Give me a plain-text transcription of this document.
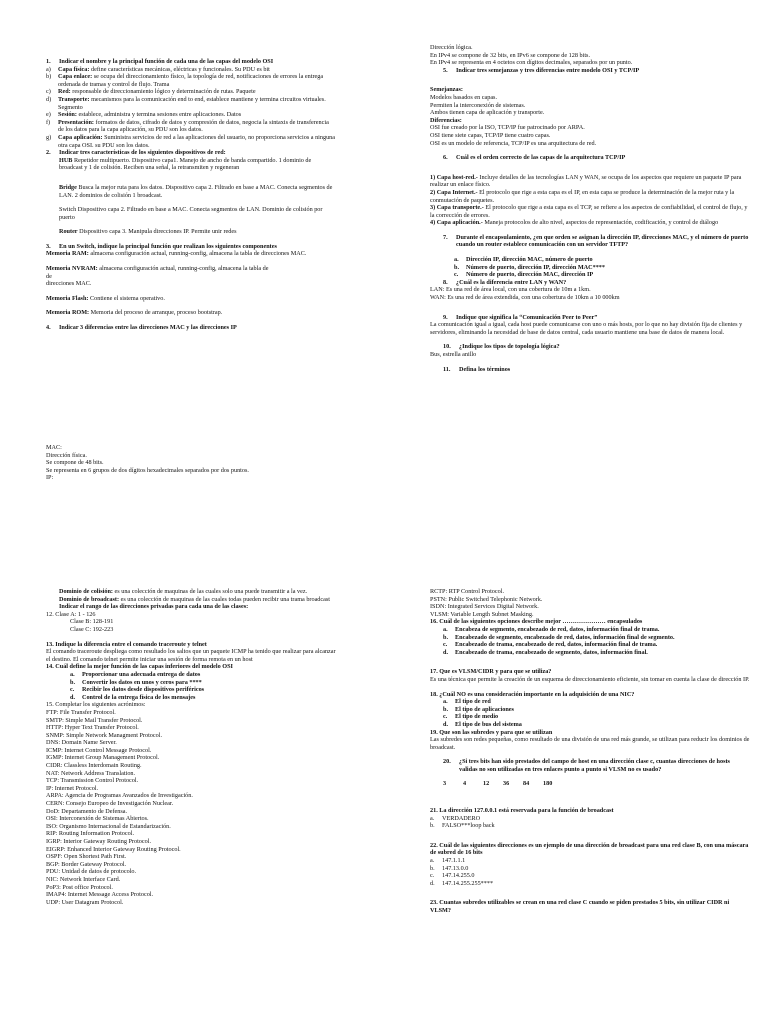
1.	Indicar el nombre y la principal función de cada una de las capas del modelo OSI
a)	Capa física: define características mecánicas, eléctricas y funcionales. Su PDU es bit
b)	Capa enlace: se ocupa del direccionamiento físico, la topología de red, notificaciones de errores la entrega ordenada de tramas y control de flujo. Trama
c)	Red: responsable de direccionamiento lógico y determinación de rutas. Paquete
d)	Transporte: mecanismos para la comunicación end to end, establece mantiene y termina circuitos virtuales. Segmento
e)	Sesión: establece, administra y termina sesiones entre aplicaciones. Datos
f)	Presentación: formatos de datos, cifrado de datos y compresión de datos, negocia la sintaxis de transferencia de los datos para la capa aplicación, su PDU son los datos.
g)	Capa aplicación: Suministra servicios de red a las aplicaciones del usuario, no proporciona servicios a ninguna otra capa OSI. su PDU son los datos.
2.	Indicar tres características de los siguientes dispositivos de red:
HUB Repetidor multipuerto. Dispositivo capa1. Manejo de ancho de banda compartido. 1 dominio de broadcast y 1 de colisión. Reciben una señal, la retransmiten y regeneran
Bridge Busca la mejor ruta para los datos. Dispositivo capa 2. Filtrado en base a MAC. Conecta segmentos de LAN. 2 dominios de colisión 1 broadcast.
Switch Dispositivo capa 2. Filtrado en base a MAC. Conecta segmentos de LAN. Dominio de colisión por puerto
Router Dispositivo capa 3. Manipula direcciones IP. Permite unir redes
3.	En un Switch, indique la principal función que realizan los siguientes componentes
Memoria RAM: almacena configuración actual, running-config, almacena la tabla de direcciones MAC.
Memoria NVRAM: almacena configuración actual, running-config, almacena la tabla de
de
direcciones MAC.
Memoria Flash: Contiene el sistema operativo.
Memoria ROM: Memoria del proceso de arranque, proceso bootstrap.
4.	Indicar 3 diferencias entre las direcciones MAC y las direcciones IP
MAC:
Dirección física.
Se compone de 48 bits.
Se representa en 6 grupos de dos dígitos hexadecimales separados por dos puntos.
IP:
Dirección lógica.
En IPv4 se compone de 32 bits, en IPv6 se compone de 128 bits.
En IPv4 se representa en 4 octetos con dígitos decimales, separados por un punto.
5.	Indicar tres semejanzas y tres diferencias entre modelo OSI y TCP/IP
Semejanzas:
Modelos basados en capas.
Permiten la interconexión de sistemas.
Ambos tienen capa de aplicación y transporte.
Diferencias:
OSI fue creado por la ISO, TCP/IP fue patrocinado por ARPA.
OSI tiene siete capas, TCP/IP tiene cuatro capas.
OSI es un modelo de referencia, TCP/IP es una arquitectura de red.
6.	Cuál es el orden correcto de las capas de la arquitectura TCP/IP
1) Capa host-red.- Incluye detalles de las tecnologías LAN y WAN, se ocupa de los aspectos que requiere un paquete IP para realizar un enlace físico.
2) Capa Internet.- El protocolo que rige a esta capa es el IP, en esta capa se produce la determinación de la mejor ruta y la conmutación de paquetes.
3) Capa transporte.- El protocolo que rige a esta capa es el TCP, se refiere a los aspectos de confiabilidad, el control de flujo, y la corrección de errores.
4) Capa aplicación.- Maneja protocolos de alto nivel, aspectos de representación, codificación, y control de diálogo
7.	Durante el encapsulamiento, ¿en que orden se asignan la dirección IP, direcciones MAC, y el número de puerto cuando un router establece comunicación con un servidor TFTP?
a.	Dirección IP, dirección MAC, número de puerto
b.	Número de puerto, dirección IP, dirección MAC****
c.	Número de puerto, dirección MAC, dirección IP
8.	¿Cuál es la diferencia entre LAN y WAN?
LAN: Es una red de área local, con una cobertura de 10m a 1km.
WAN: Es una red de área extendida, con una cobertura de 10km a 10 000km
9.	Indique que significa la “Comunicación Peer to Peer”
La comunicación igual a igual, cada host puede comunicarse con uno o más hosts, por lo que no hay división fija de clientes y servidores, eliminando la necesidad de base de datos central, cada usuario mantiene una base de datos de manera local.
10.	¿Indique los tipos de topología lógica?
Bus, estrella anillo
11.	Defina los términos
Dominio de colisión: es una colección de maquinas de las cuales solo una puede transmitir a la vez.
Dominio de broadcast: es una colección de maquinas de las cuales todas pueden recibir una trama broadcast
Indicar el rango de las direcciones privadas para cada una de las clases:
12. Clase A: 1 - 126
Clase B: 128-191
Clase C: 192-223
13. Indique la diferencia entre el comando traceroute y telnet
El comando traceroute despliega como resultado los saltos que un paquete ICMP ha tenido que realizar para alcanzar el destino. El comando telnet permite iniciar una sesión de forma remota en un host
14. Cuál define la mejor función de las capas inferiores del modelo OSI
a.	Proporcionar una adecuada entrega de datos
b.	Convertir los datos en unos y ceros para ****
c.	Recibir los datos desde dispositivos periféricos
d.	Control de la entrega física de los mensajes
15. Completar los siguientes acrónimos:
FTP: File Transfer Protocol.
SMTP: Simple Mail Transfer Protocol.
HTTP: Hyper Text Transfer Protocol.
SNMP: Simple Network Managment Protocol.
DNS: Domain Name Server.
ICMP: Internet Control Message Protocol.
IGMP: Internet Group Management Protocol.
CIDR: Classless Interdomain Routing.
NAT: Network Address Translation.
TCP: Transmission Control Protocol.
IP: Internet Protocol.
ARPA: Agencia de Programas Avanzados de Investigación.
CERN: Consejo Europeo de Investigación Nuclear.
DoD: Departamento de Defensa.
OSI: Interconexión de Sistemas Abiertos.
ISO: Organismo Internacional de Estandarización.
RIP: Routing Information Protocol.
IGRP: Interior Gateway Routing Protocol.
EIGRP: Enhanced Interior Gateway Routing Protocol.
OSPF: Open Shortest Path First.
BGP: Border Gateway Protocol.
PDU: Unidad de datos de protocolo.
NIC: Network Interface Card.
PoP3: Post office Protocol.
IMAP4: Internet Message Access Protocol.
UDP: User Datagram Protocol.
RCTP: RTP Control Protocol.
PSTN: Public Switched Telephonic Network.
ISDN: Integrated Services Digital Network.
VLSM: Variable Length Subnet Masking.
16. Cuál de las siguientes opciones describe mejor ………………… encapsulados
a.	Encabeza de segmento, encabezado de red, datos, información final de trama.
b.	Encabezado de segmento, encabezado de red, datos, información final de segmento.
c.	Encabezado de trama, encabezado de red, datos, información final de trama.
d.	Encabezado de trama, encabezado de segmento, datos, información final.
17. Que es VLSM/CIDR y para que se utiliza?
Es una técnica que permite la creación de un esquema de direccionamiento eficiente, sin tomar en cuenta la clase de dirección IP.
18. ¿Cuál NO es una consideración importante en la adquisición de una NIC?
a.	El tipo de red
b.	El tipo de aplicaciones
c.	El tipo de medio
d.	El tipo de bus del sistema
19. Que son las subredes y para que se utilizan
Las subredes son redes pequeñas, como resultado de una división de una red más grande, se utilizan para reducir los dominios de broadcast.
20.	¿Si tres bits han sido prestados del campo de host en una dirección clase c, cuantas direcciones de hosts validas no son utilizadas en tres enlaces punto a punto si VLSM no es usado?
3	4	12 36 84 180
21. La dirección 127.0.0.1 está reservada para la función de broadcast
a.	VERDADERO
b.	FALSO***loop back
22. Cuál de las siguientes direcciones es un ejemplo de una dirección de broadcast para una red clase B, con una máscara de subred de 16 bits
a.	147.1.1.1
b.	147.13.0.0
c.	147.14.255.0
d.	147.14.255.255****
23. Cuantas subredes utilizables se crean en una red clase C cuando se piden prestados 5 bits, sin utilizar CIDR ni VLSM?
